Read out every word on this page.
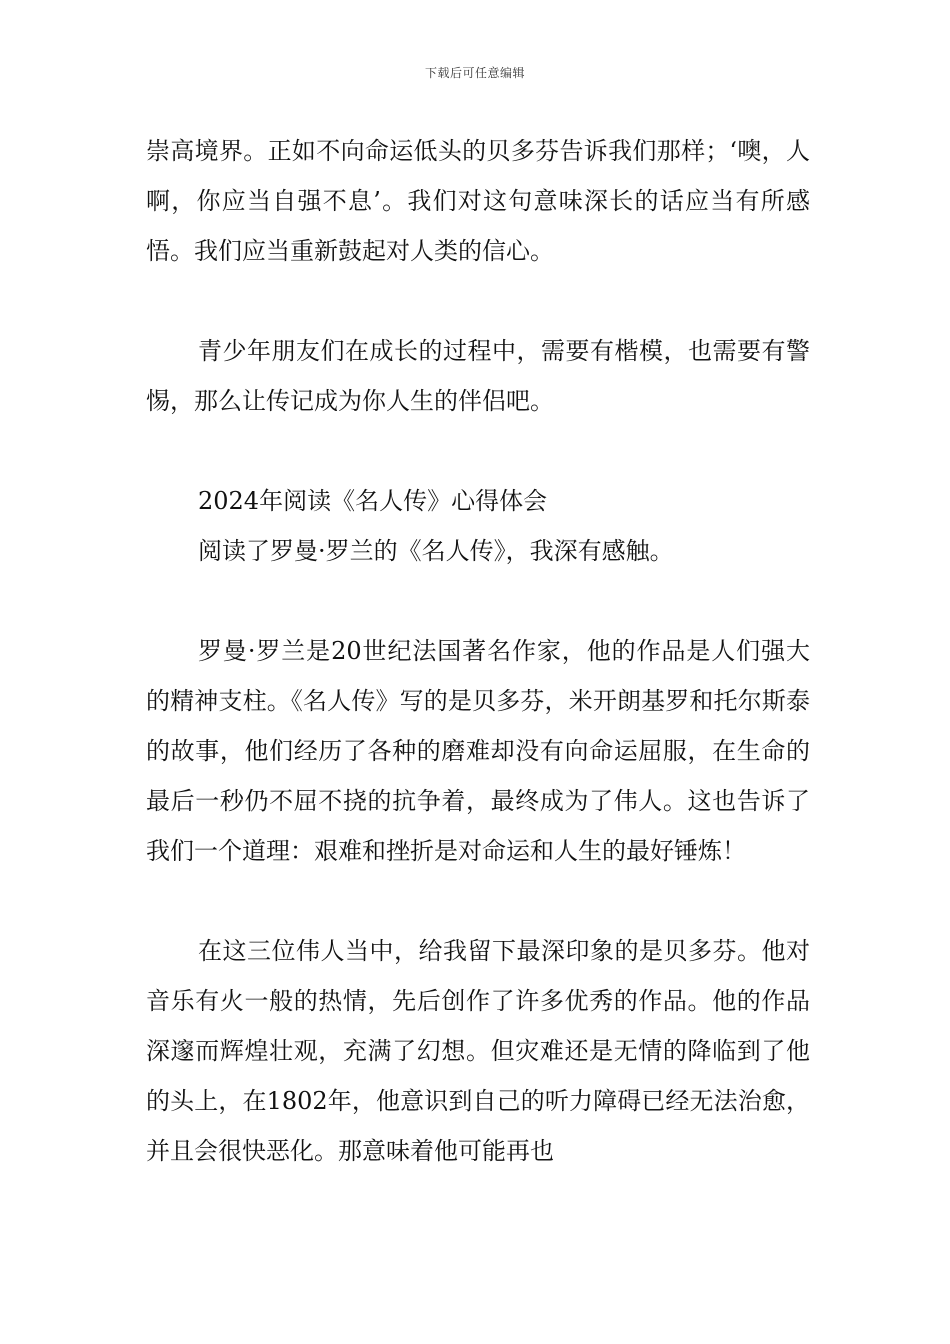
下载后可任意编辑

崇高境界。正如不向命运低头的贝多芬告诉我们那样；‘噢，人啊，你应当自强不息’。我们对这句意味深长的话应当有所感悟。我们应当重新鼓起对人类的信心。

青少年朋友们在成长的过程中，需要有楷模，也需要有警惕，那么让传记成为你人生的伴侣吧。

2024年阅读《名人传》心得体会

阅读了罗曼·罗兰的《名人传》，我深有感触。

罗曼·罗兰是20世纪法国著名作家，他的作品是人们强大的精神支柱。《名人传》写的是贝多芬，米开朗基罗和托尔斯泰的故事，他们经历了各种的磨难却没有向命运屈服，在生命的最后一秒仍不屈不挠的抗争着，最终成为了伟人。这也告诉了我们一个道理：艰难和挫折是对命运和人生的最好锤炼！

在这三位伟人当中，给我留下最深印象的是贝多芬。他对音乐有火一般的热情，先后创作了许多优秀的作品。他的作品深邃而辉煌壮观，充满了幻想。但灾难还是无情的降临到了他的头上，在1802年，他意识到自己的听力障碍已经无法治愈，并且会很快恶化。那意味着他可能再也
